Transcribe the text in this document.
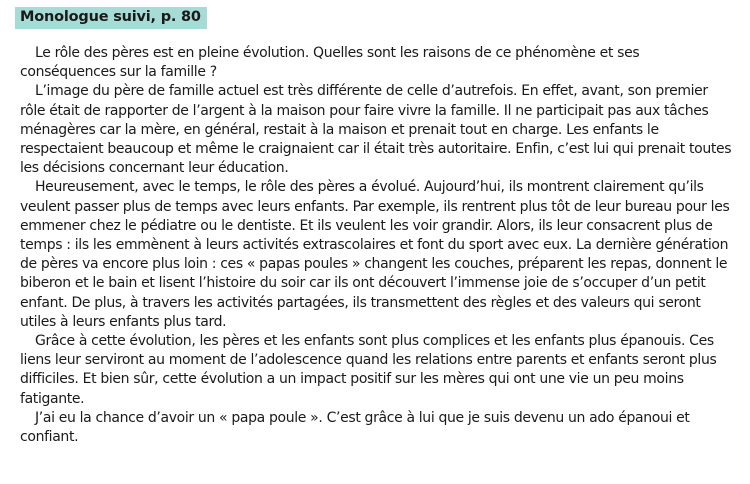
Monologue suivi, p. 80

Le rôle des pères est en pleine évolution. Quelles sont les raisons de ce phénomène et ses conséquences sur la famille ?

L’image du père de famille actuel est très différente de celle d’autrefois. En effet, avant, son premier rôle était de rapporter de l’argent à la maison pour faire vivre la famille. Il ne participait pas aux tâches ménagères car la mère, en général, restait à la maison et prenait tout en charge. Les enfants le respectaient beaucoup et même le craignaient car il était très autoritaire. Enfin, c’est lui qui prenait toutes les décisions concernant leur éducation.

Heureusement, avec le temps, le rôle des pères a évolué. Aujourd’hui, ils montrent clairement qu’ils veulent passer plus de temps avec leurs enfants. Par exemple, ils rentrent plus tôt de leur bureau pour les emmener chez le pédiatre ou le dentiste. Et ils veulent les voir grandir. Alors, ils leur consacrent plus de temps : ils les emmènent à leurs activités extrascolaires et font du sport avec eux. La dernière génération de pères va encore plus loin : ces « papas poules » changent les couches, préparent les repas, donnent le biberon et le bain et lisent l’histoire du soir car ils ont découvert l’immense joie de s’occuper d’un petit enfant. De plus, à travers les activités partagées, ils transmettent des règles et des valeurs qui seront utiles à leurs enfants plus tard.

Grâce à cette évolution, les pères et les enfants sont plus complices et les enfants plus épanouis. Ces liens leur serviront au moment de l’adolescence quand les relations entre parents et enfants seront plus difficiles. Et bien sûr, cette évolution a un impact positif sur les mères qui ont une vie un peu moins fatigante.

J’ai eu la chance d’avoir un « papa poule ». C’est grâce à lui que je suis devenu un ado épanoui et confiant.
